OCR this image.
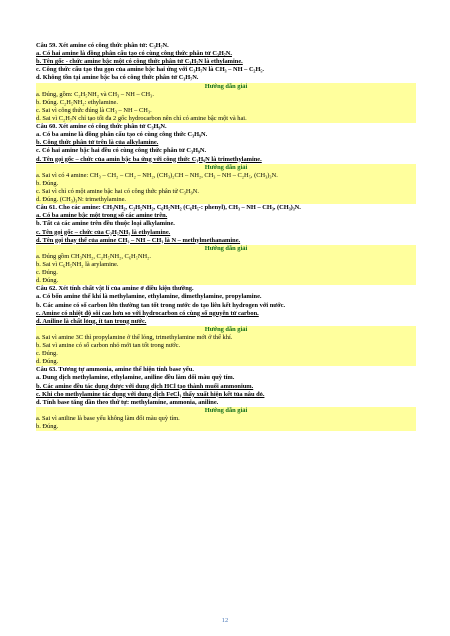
Câu 59. Xét amine có công thức phân tử: C₃H₇N.
a. Có hai amine là đồng phân cấu tạo có cùng công thức phân tử C₃H₇N.
b. Tên gốc - chức amine bậc một có công thức phân tử C₃H₇N là ethylamine.
c. Công thức cấu tạo thu gọn của amine bậc hai ứng với C₃H₇N là CH₃ – NH – C₂H₅.
d. Không tồn tại amine bậc ba có công thức phân tử C₃H₇N.
Hướng dẫn giải
a. Đúng, gồm: C₂H₅NH₂ và CH₃ – NH – CH₃.
b. Đúng. C₂H₅NH₂: ethylamine.
c. Sai vì công thức đúng là CH₃ – NH – CH₃.
d. Sai vì C₂H₇N chỉ tạo tối đa 2 gốc hydrocarbon nên chỉ có amine bậc một và hai.
Câu 60. Xét amine có công thức phân tử C₃H₉N.
a. Có ba amine là đồng phân cấu tạo có cùng công thức C₃H₉N.
b. Công thức phân tử trên là của alkylamine.
c. Có hai amine bậc hai đều có cùng công thức phân tử C₃H₉N.
d. Tên gọi gốc – chức của amin bậc ba ứng với công thức C₃H₉N là trimethylamine.
Hướng dẫn giải
a. Sai vì có 4 amine: CH₃ – CH₂ – CH₂ – NH₂, (CH₃)₂CH – NH₂, CH₃ – NH – C₂H₅, (CH₃)₃N.
b. Đúng.
c. Sai vì chỉ có một amine bậc hai có công thức phân tử C₃H₉N.
d. Đúng. (CH₃)₃N: trimethylamine.
Câu 61. Cho các amine: CH₃NH₂, C₂H₅NH₂, C₆H₅NH₂ (C₆H₅-: phenyl), CH₃ – NH – CH₃, (CH₃)₃N.
a. Có ba amine bậc một trong số các amine trên.
b. Tất cả các amine trên đều thuộc loại alkylamine.
c. Tên gọi gốc – chức của C₂H₅NH₂ là ethylamine.
d. Tên gọi thay thế của amine CH₃ – NH – CH₃ là N – methylmethanamine.
Hướng dẫn giải
a. Đúng gồm CH₃NH₂, C₂H₅NH₂, C₆H₅NH₂.
b. Sai vì C₆H₅NH₂ là arylamine.
c. Đúng.
d. Đúng.
Câu 62. Xét tính chất vật lí của amine ở điều kiện thường.
a. Có bốn amine thể khí là methylamine, ethylamine, dimethylamine, propylamine.
b. Các amine có số carbon lớn thường tan tốt trong nước do tạo liên kết hydrogen với nước.
c. Amine có nhiệt độ sôi cao hơn so với hydrocarbon có cùng số nguyên tử carbon.
d. Aniline là chất lỏng, ít tan trong nước.
Hướng dẫn giải
a. Sai vì amine 3C thì propylamine ở thể lỏng, trimethylamine mới ở thể khí.
b. Sai vì amine có số carbon nhỏ mới tan tốt trong nước.
c. Đúng.
d. Đúng.
Câu 63. Tương tự ammonia, amine thể hiện tính base yếu.
a. Dung dịch methylamine, ethylamine, aniline đều làm đổi màu quỳ tím.
b. Các amine đều tác dụng được với dung dịch HCl tạo thành muối ammonium.
c. Khi cho methylamine tác dụng với dung dịch FeCl₃ thấy xuất hiện kết tủa nâu đỏ.
d. Tính base tăng dần theo thứ tự: methylamine, ammonia, aniline.
Hướng dẫn giải
a. Sai vì aniline là base yếu không làm đổi màu quỳ tím.
b. Đúng.
12
